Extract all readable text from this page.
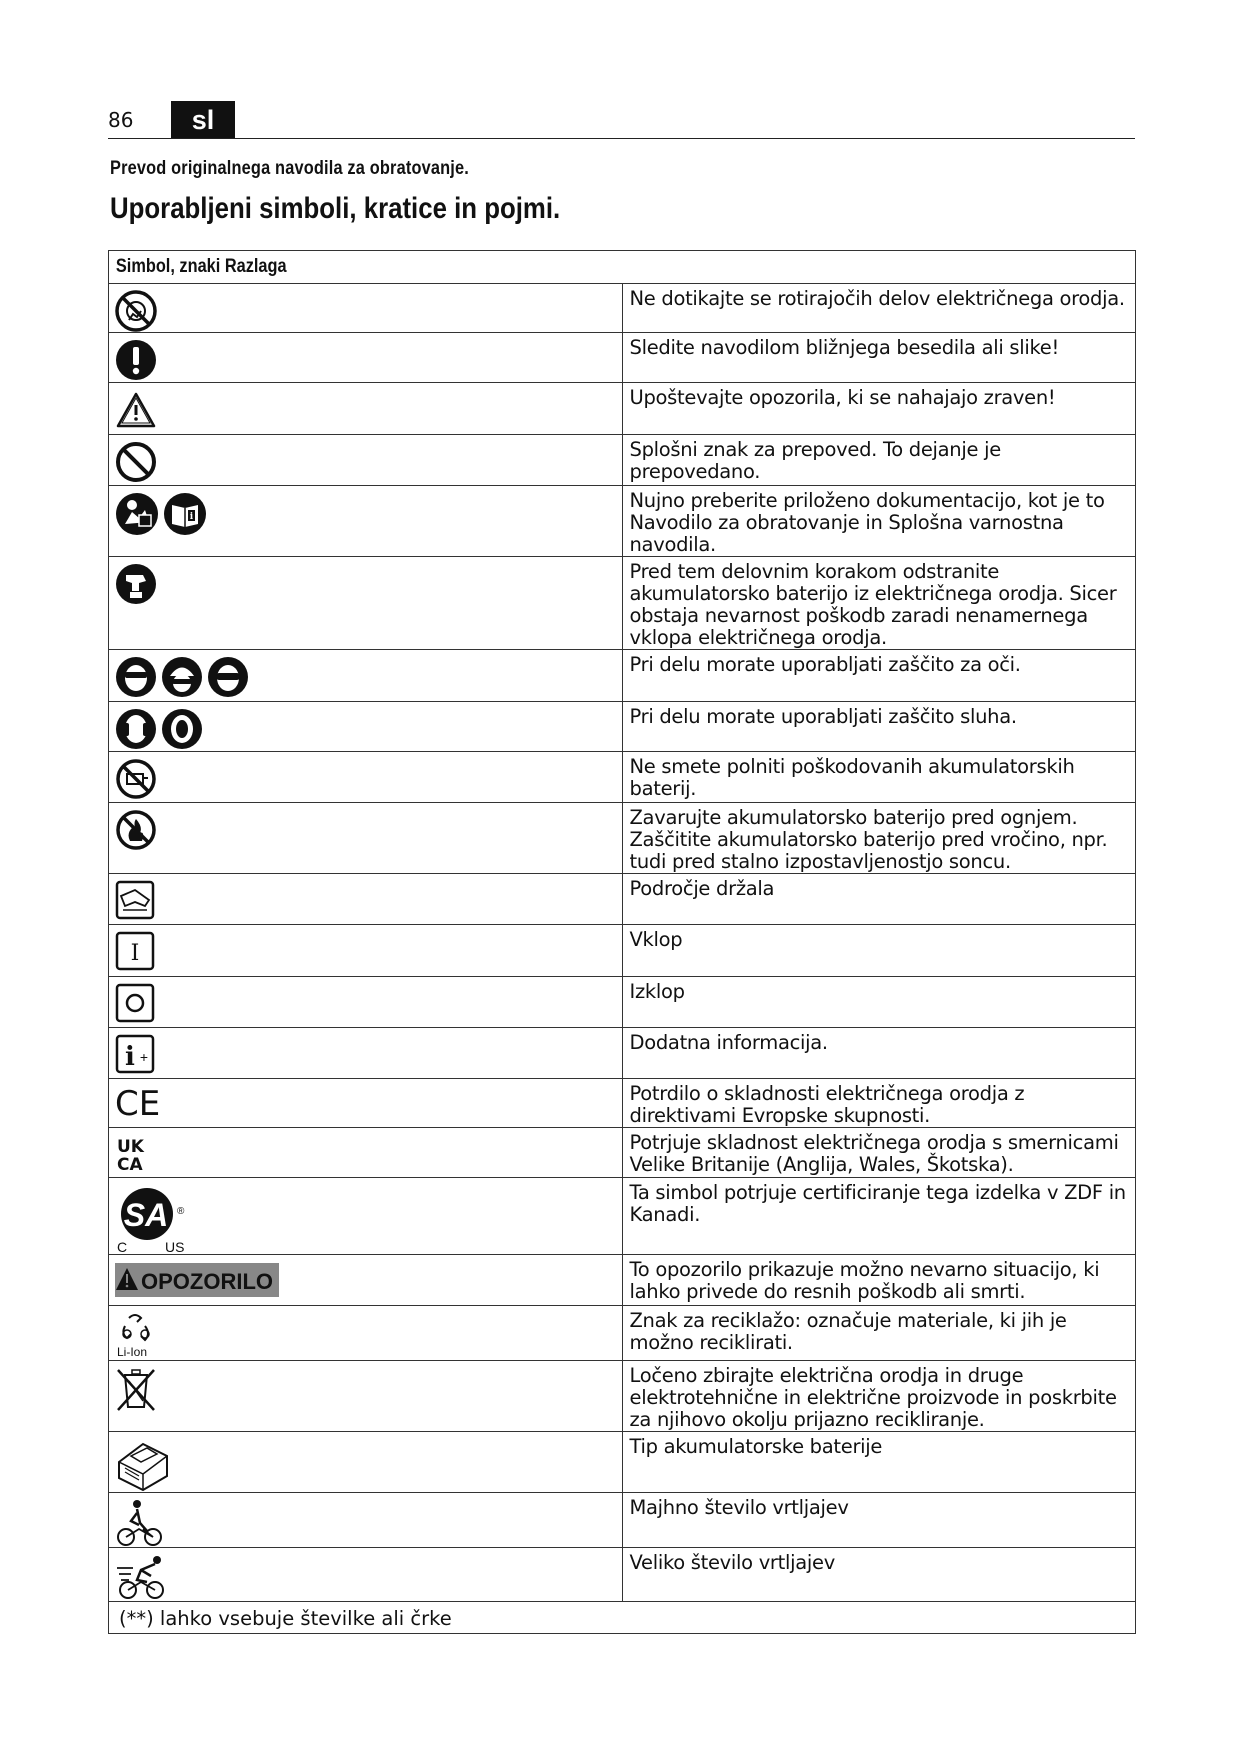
86	sl
Prevod originalnega navodila za obratovanje.
Uporabljeni simboli, kratice in pojmi.
Simbol, znaki Razlaga	

	Ne dotikajte se rotirajočih delov električnega orodja.

	Sledite navodilom bližnjega besedila ali slike!

	Upoštevajte opozorila, ki se nahajajo zraven!

	Splošni znak za prepoved. To dejanje je prepovedano.

i	Nujno preberite priloženo dokumentacijo, kot je to Navodilo za obratovanje in Splošna varnostna navodila.

	Pred tem delovnim korakom odstranite akumulatorsko baterijo iz električnega orodja. Sicer obstaja nevarnost poškodb zaradi nenamernega vklopa električnega orodja.

	Pri delu morate uporabljati zaščito za oči.

	Pri delu morate uporabljati zaščito sluha.

	Ne smete polniti poškodovanih akumulatorskih baterij.

	Zavarujte akumulatorsko baterijo pred ognjem. Zaščitite akumulatorsko baterijo pred vročino, npr. tudi pred stalno izpostavljenostjo soncu.

	Področje držala

I	Vklop

	Izklop

i +	Dodatna informacija.

CE	Potrdilo o skladnosti električnega orodja z direktivami Evropske skupnosti.

UK
CA	Potrjuje skladnost električnega orodja s smernicami Velike Britanije (Anglija, Wales, Škotska).

SA ®
C US	Ta simbol potrjuje certificiranje tega izdelka v ZDF in Kanadi.

OPOZORILO	To opozorilo prikazuje možno nevarno situacijo, ki lahko privede do resnih poškodb ali smrti.

Li-Ion	Znak za reciklažo: označuje materiale, ki jih je možno reciklirati.

	Ločeno zbirajte električna orodja in druge elektrotehnične in električne proizvode in poskrbite za njihovo okolju prijazno recikliranje.

	Tip akumulatorske baterije

	Majhno število vrtljajev

	Veliko število vrtljajev
(**) lahko vsebuje številke ali črke	
